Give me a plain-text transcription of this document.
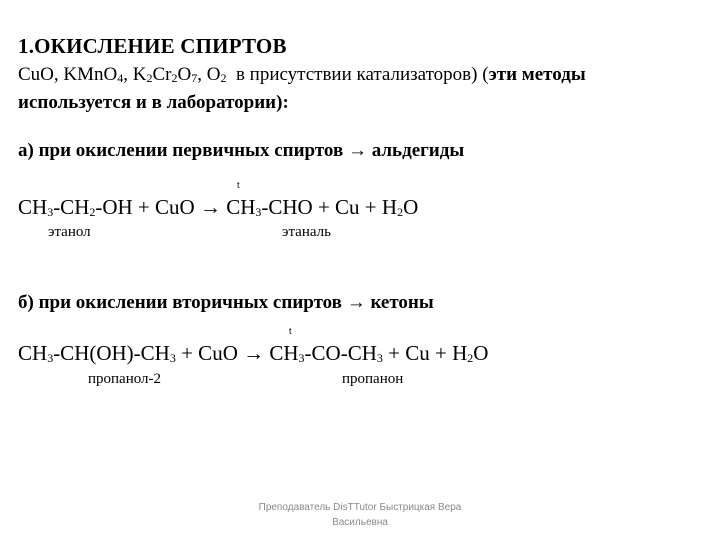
1.ОКИСЛЕНИЕ СПИРТОВ
CuO, KMnO$_4$, $K_2Cr_2O_7$, $O_2$  в присутствии катализаторов) (эти методы
используется и в лаборатории):
а) при окислении первичных спиртов → альдегиды
t
$CH_3-CH_2-OH$ + CuO → $CH_3$-CHO + $Cu + H_2O$
этанол	этаналь
б) при окислении вторичных спиртов → кетоны
t
$CH_3-CH(OH)-CH_3$ + CuO → $CH_3-CO-CH_3 + Cu + H_2O$
пропанол-2	пропанон
Преподаватель DisTTutor Быстрицкая Вера Васильевна
